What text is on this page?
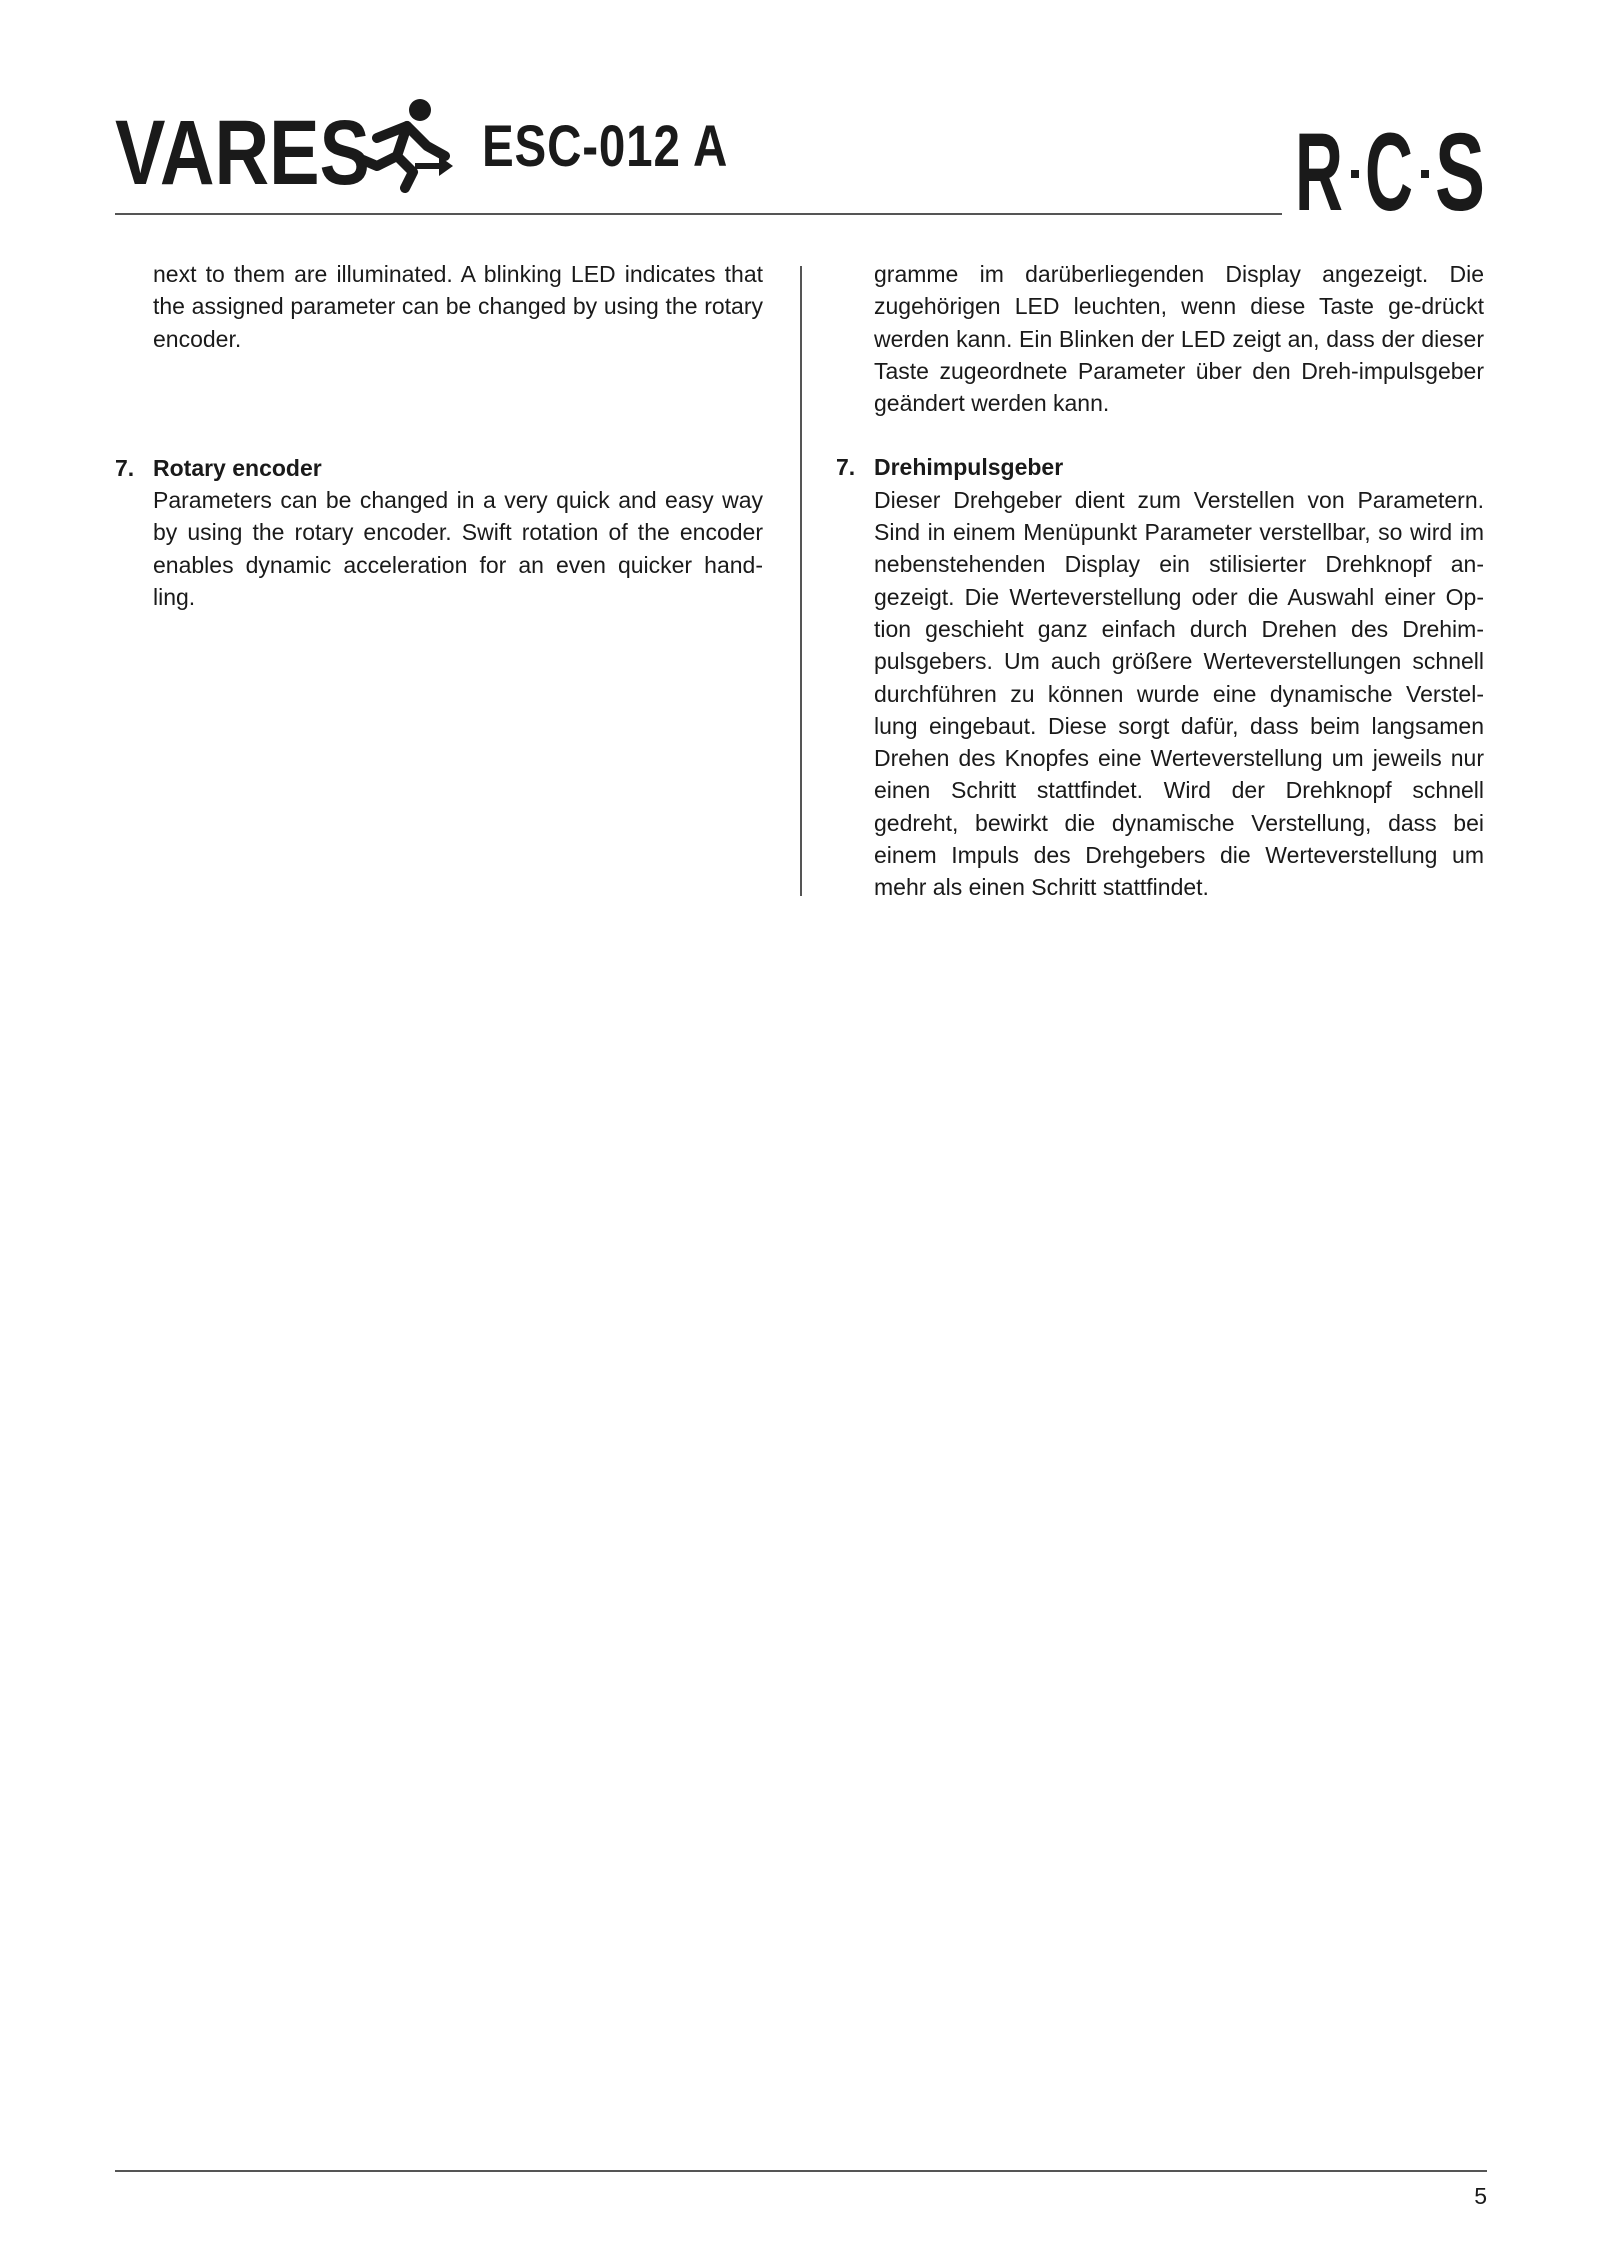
VARES ESC-012 A	R C S

next to them are illuminated. A blinking LED indicates that the assigned parameter can be changed by using the rotary encoder.

7. Rotary encoder

Parameters can be changed in a very quick and easy way by using the rotary encoder. Swift rotation of the encoder enables dynamic acceleration for an even quicker hand-ling.

gramme im darüberliegenden Display angezeigt. Die zugehörigen LED leuchten, wenn diese Taste ge-drückt werden kann. Ein Blinken der LED zeigt an, dass der dieser Taste zugeordnete Parameter über den Dreh-impulsgeber geändert werden kann.

7. Drehimpulsgeber

Dieser Drehgeber dient zum Verstellen von Parametern. Sind in einem Menüpunkt Parameter verstellbar, so wird im nebenstehenden Display ein stilisierter Drehknopf an-gezeigt. Die Werteverstellung oder die Auswahl einer Op-tion geschieht ganz einfach durch Drehen des Drehim-pulsgebers. Um auch größere Werteverstellungen schnell durchführen zu können wurde eine dynamische Verstel-lung eingebaut. Diese sorgt dafür, dass beim langsamen Drehen des Knopfes eine Werteverstellung um jeweils nur einen Schritt stattfindet. Wird der Drehknopf schnell gedreht, bewirkt die dynamische Verstellung, dass bei einem Impuls des Drehgebers die Werteverstellung um mehr als einen Schritt stattfindet.

5
